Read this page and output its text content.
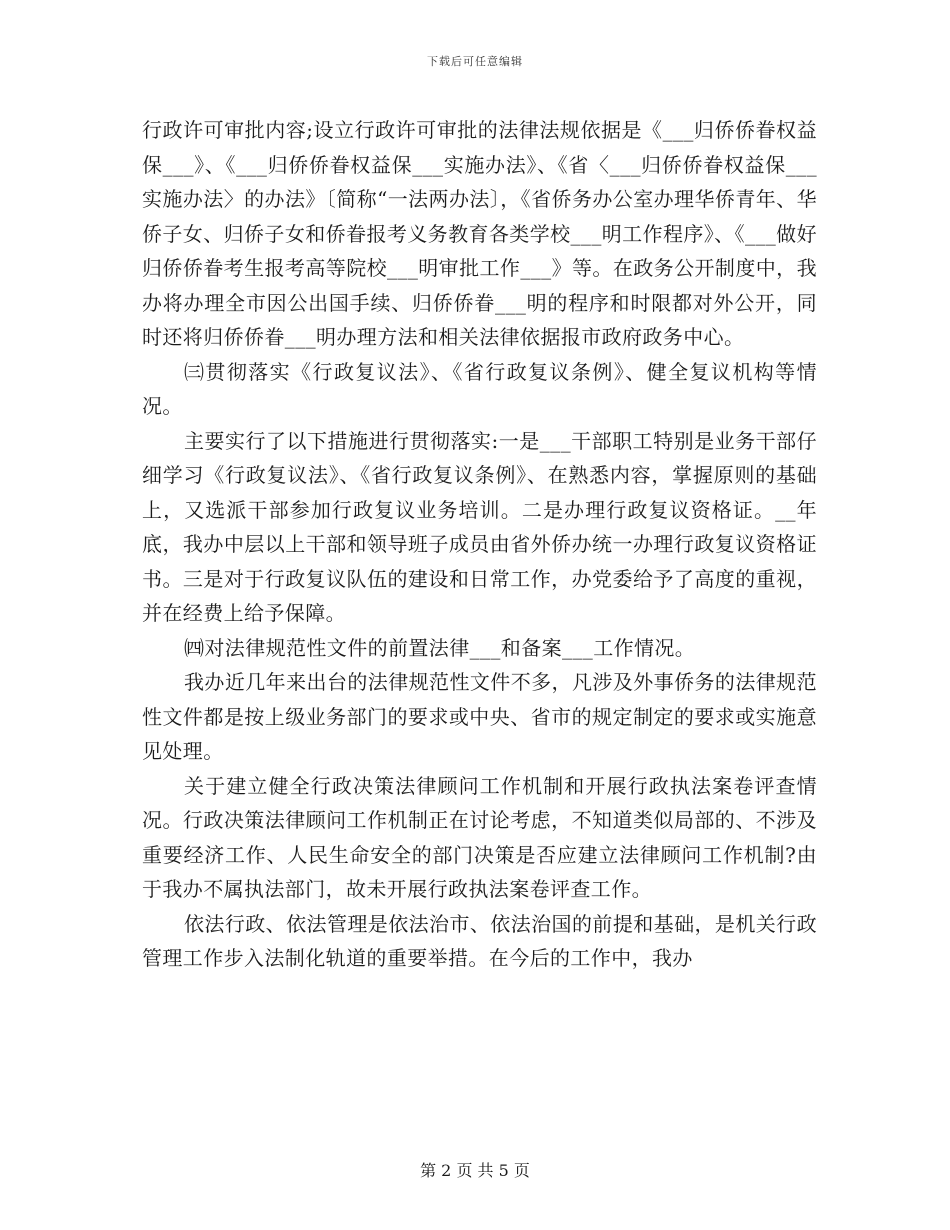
下载后可任意编辑

行政许可审批内容;设立行政许可审批的法律法规依据是《___归侨侨眷权益保___》、《___归侨侨眷权益保___实施办法》、《省〈___归侨侨眷权益保___实施办法〉的办法》〔简称“一法两办法〕，《省侨务办公室办理华侨青年、华侨子女、归侨子女和侨眷报考义务教育各类学校___明工作程序》、《___做好归侨侨眷考生报考高等院校___明审批工作___》等。在政务公开制度中，我办将办理全市因公出国手续、归侨侨眷___明的程序和时限都对外公开，同时还将归侨侨眷___明办理方法和相关法律依据报市政府政务中心。

㈢贯彻落实《行政复议法》、《省行政复议条例》、健全复议机构等情况。

主要实行了以下措施进行贯彻落实:一是___干部职工特别是业务干部仔细学习《行政复议法》、《省行政复议条例》、在熟悉内容，掌握原则的基础上，又选派干部参加行政复议业务培训。二是办理行政复议资格证。__年底，我办中层以上干部和领导班子成员由省外侨办统一办理行政复议资格证书。三是对于行政复议队伍的建设和日常工作，办党委给予了高度的重视，并在经费上给予保障。

㈣对法律规范性文件的前置法律___和备案___工作情况。

我办近几年来出台的法律规范性文件不多，凡涉及外事侨务的法律规范性文件都是按上级业务部门的要求或中央、省市的规定制定的要求或实施意见处理。

关于建立健全行政决策法律顾问工作机制和开展行政执法案卷评查情况。行政决策法律顾问工作机制正在讨论考虑，不知道类似局部的、不涉及重要经济工作、人民生命安全的部门决策是否应建立法律顾问工作机制?由于我办不属执法部门，故未开展行政执法案卷评查工作。

依法行政、依法管理是依法治市、依法治国的前提和基础，是机关行政管理工作步入法制化轨道的重要举措。在今后的工作中，我办

第 2 页 共 5 页
